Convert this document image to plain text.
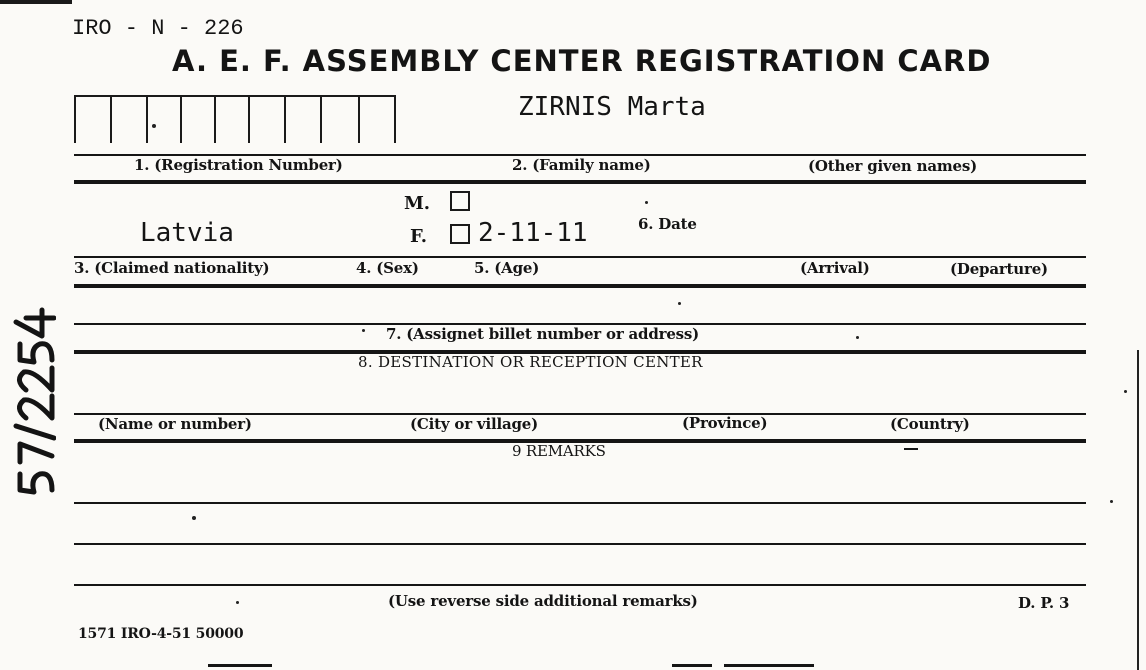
IRO - N - 226
A. E. F. ASSEMBLY CENTER REGISTRATION CARD
ZIRNIS Marta
1. (Registration Number)	2. (Family name)	(Other given names)
Latvia
M.
F. 2-11-11	6. Date
3. (Claimed nationality)	4. (Sex)	5. (Age)	(Arrival)	(Departure)
7. (Assignet billet number or address)
8. DESTINATION OR RECEPTION CENTER
(Name or number)	(City or village)	(Province)	(Country)
9 REMARKS
(Use reverse side additional remarks)	D. P. 3
1571 IRO-4-51 50000
